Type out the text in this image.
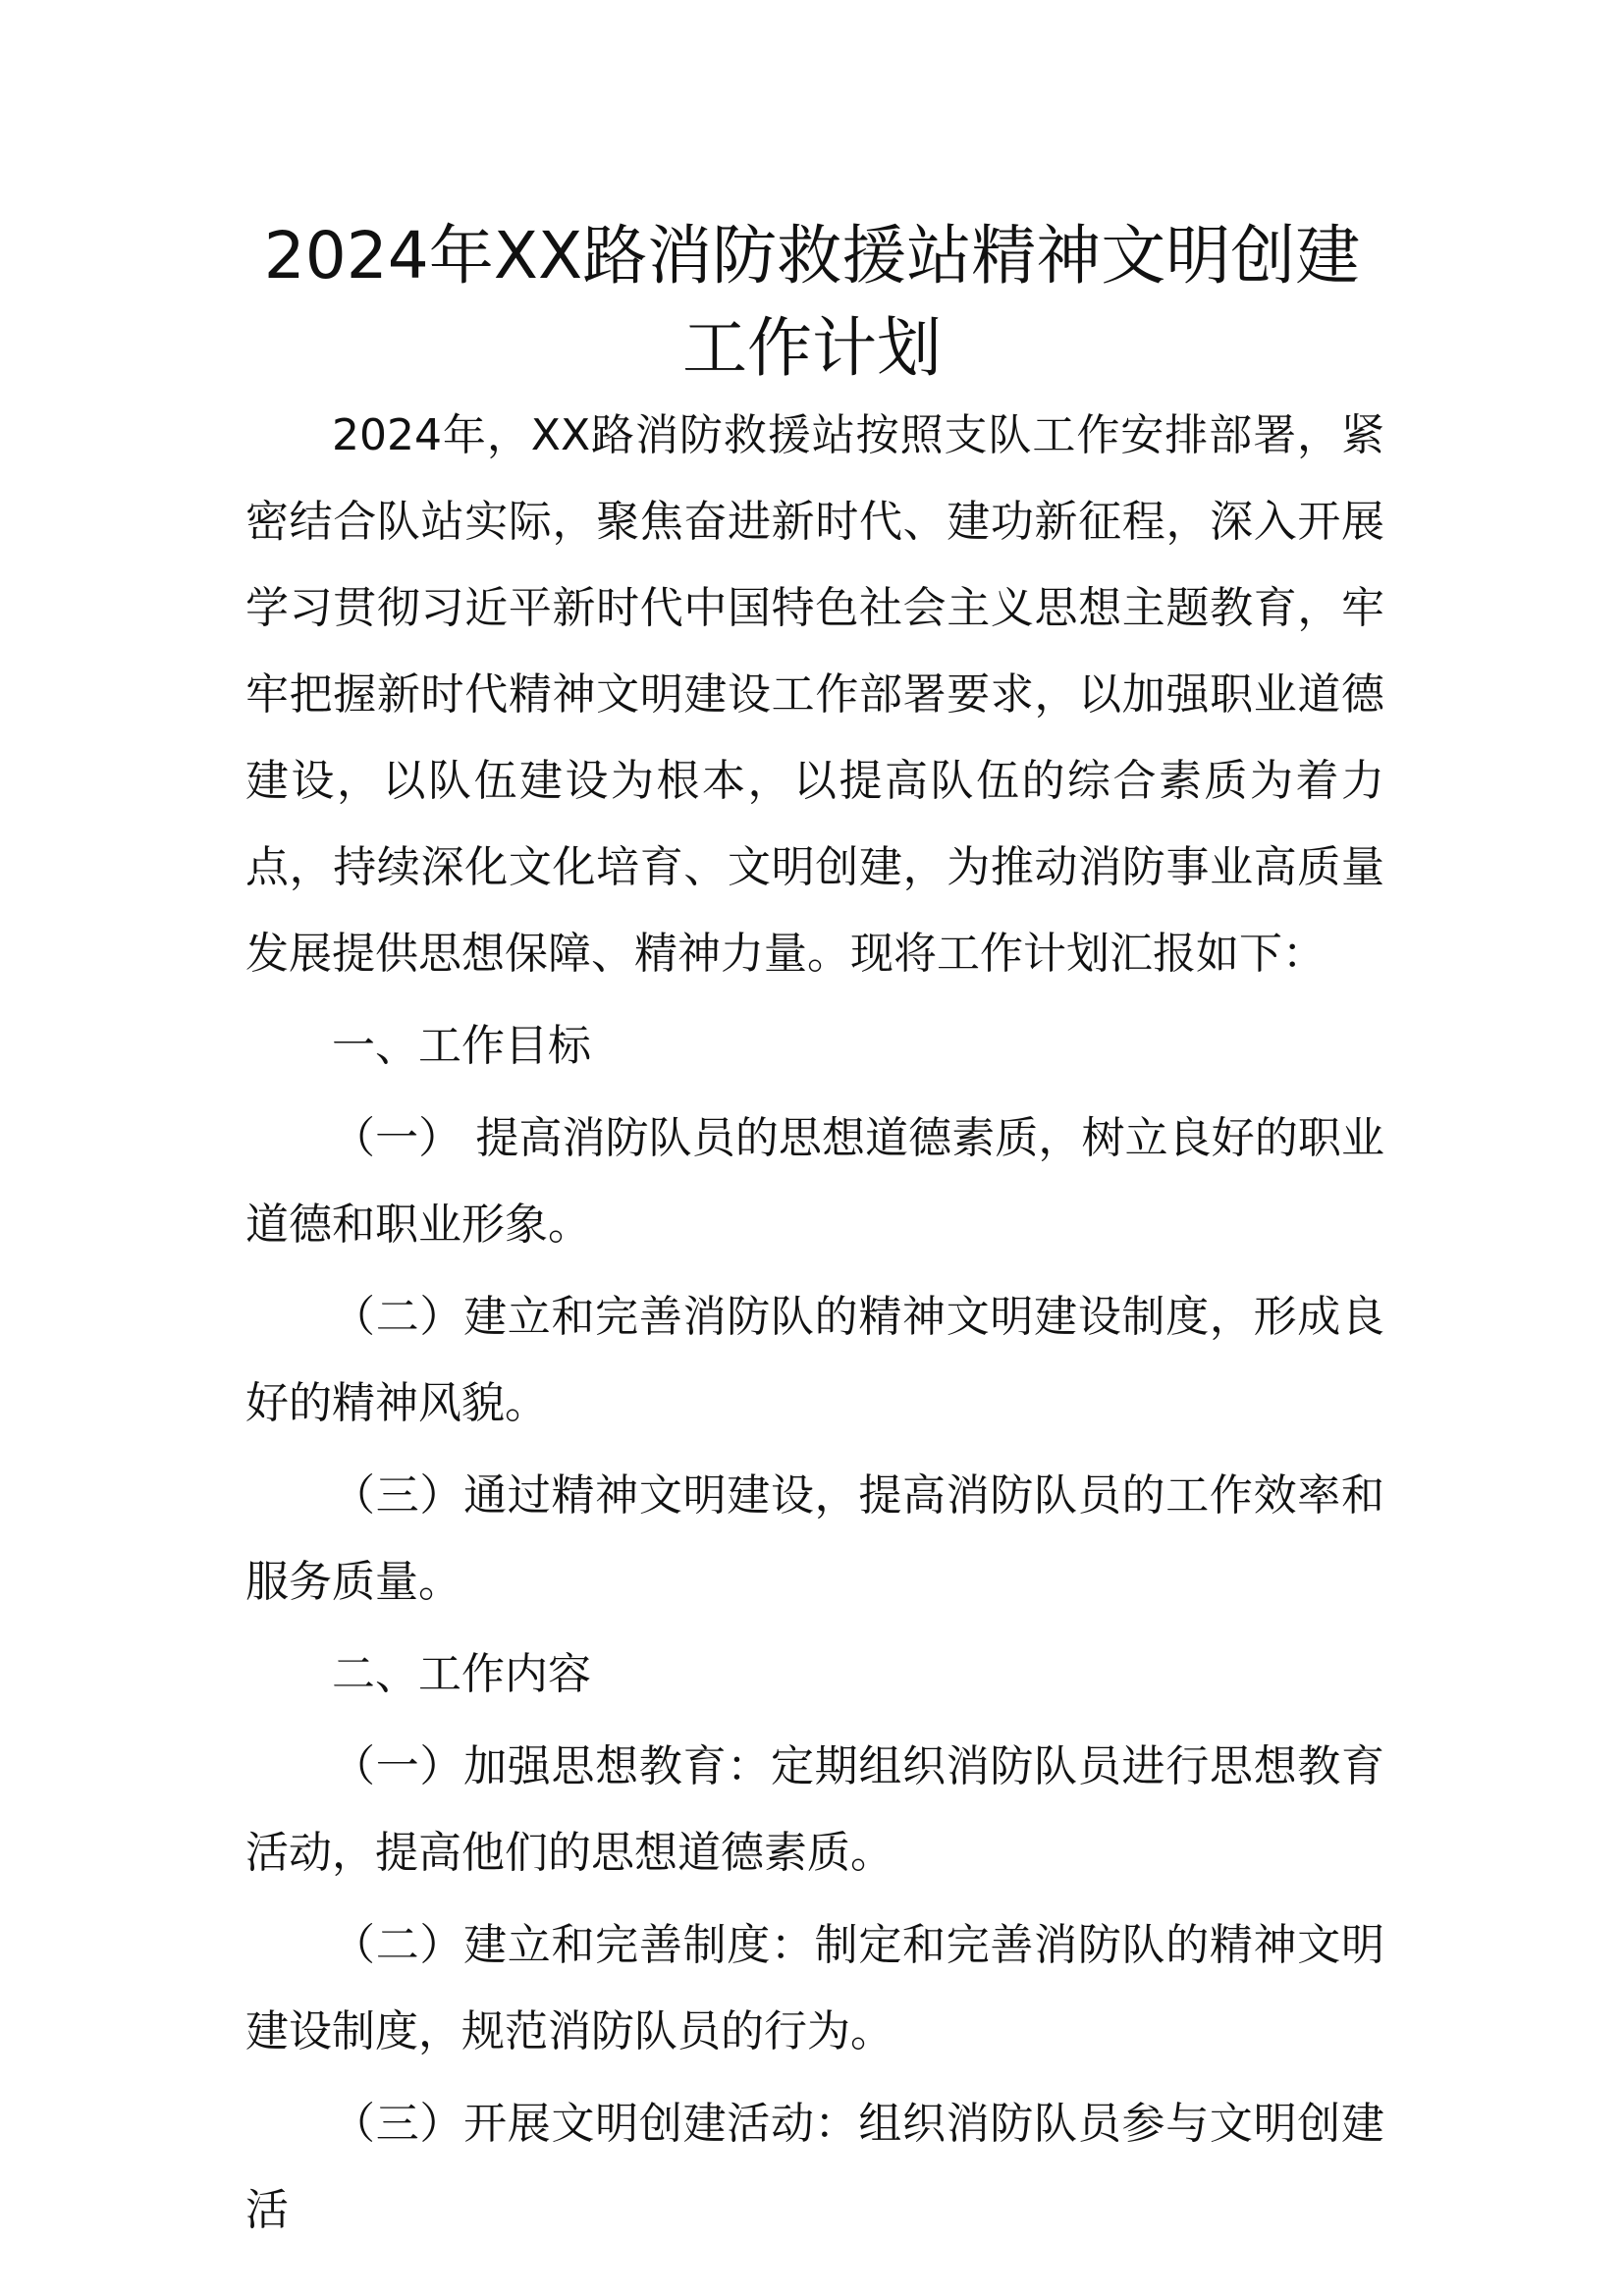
2024年XX路消防救援站精神文明创建工作计划

2024年，XX路消防救援站按照支队工作安排部署，紧密结合队站实际，聚焦奋进新时代、建功新征程，深入开展学习贯彻习近平新时代中国特色社会主义思想主题教育，牢牢把握新时代精神文明建设工作部署要求，以加强职业道德建设，以队伍建设为根本，以提高队伍的综合素质为着力点，持续深化文化培育、文明创建，为推动消防事业高质量发展提供思想保障、精神力量。现将工作计划汇报如下：

一、工作目标

（一） 提高消防队员的思想道德素质，树立良好的职业道德和职业形象。

（二）建立和完善消防队的精神文明建设制度，形成良好的精神风貌。

（三）通过精神文明建设，提高消防队员的工作效率和服务质量。

二、工作内容

（一）加强思想教育：定期组织消防队员进行思想教育活动，提高他们的思想道德素质。

（二）建立和完善制度：制定和完善消防队的精神文明建设制度，规范消防队员的行为。

（三）开展文明创建活动：组织消防队员参与文明创建活
